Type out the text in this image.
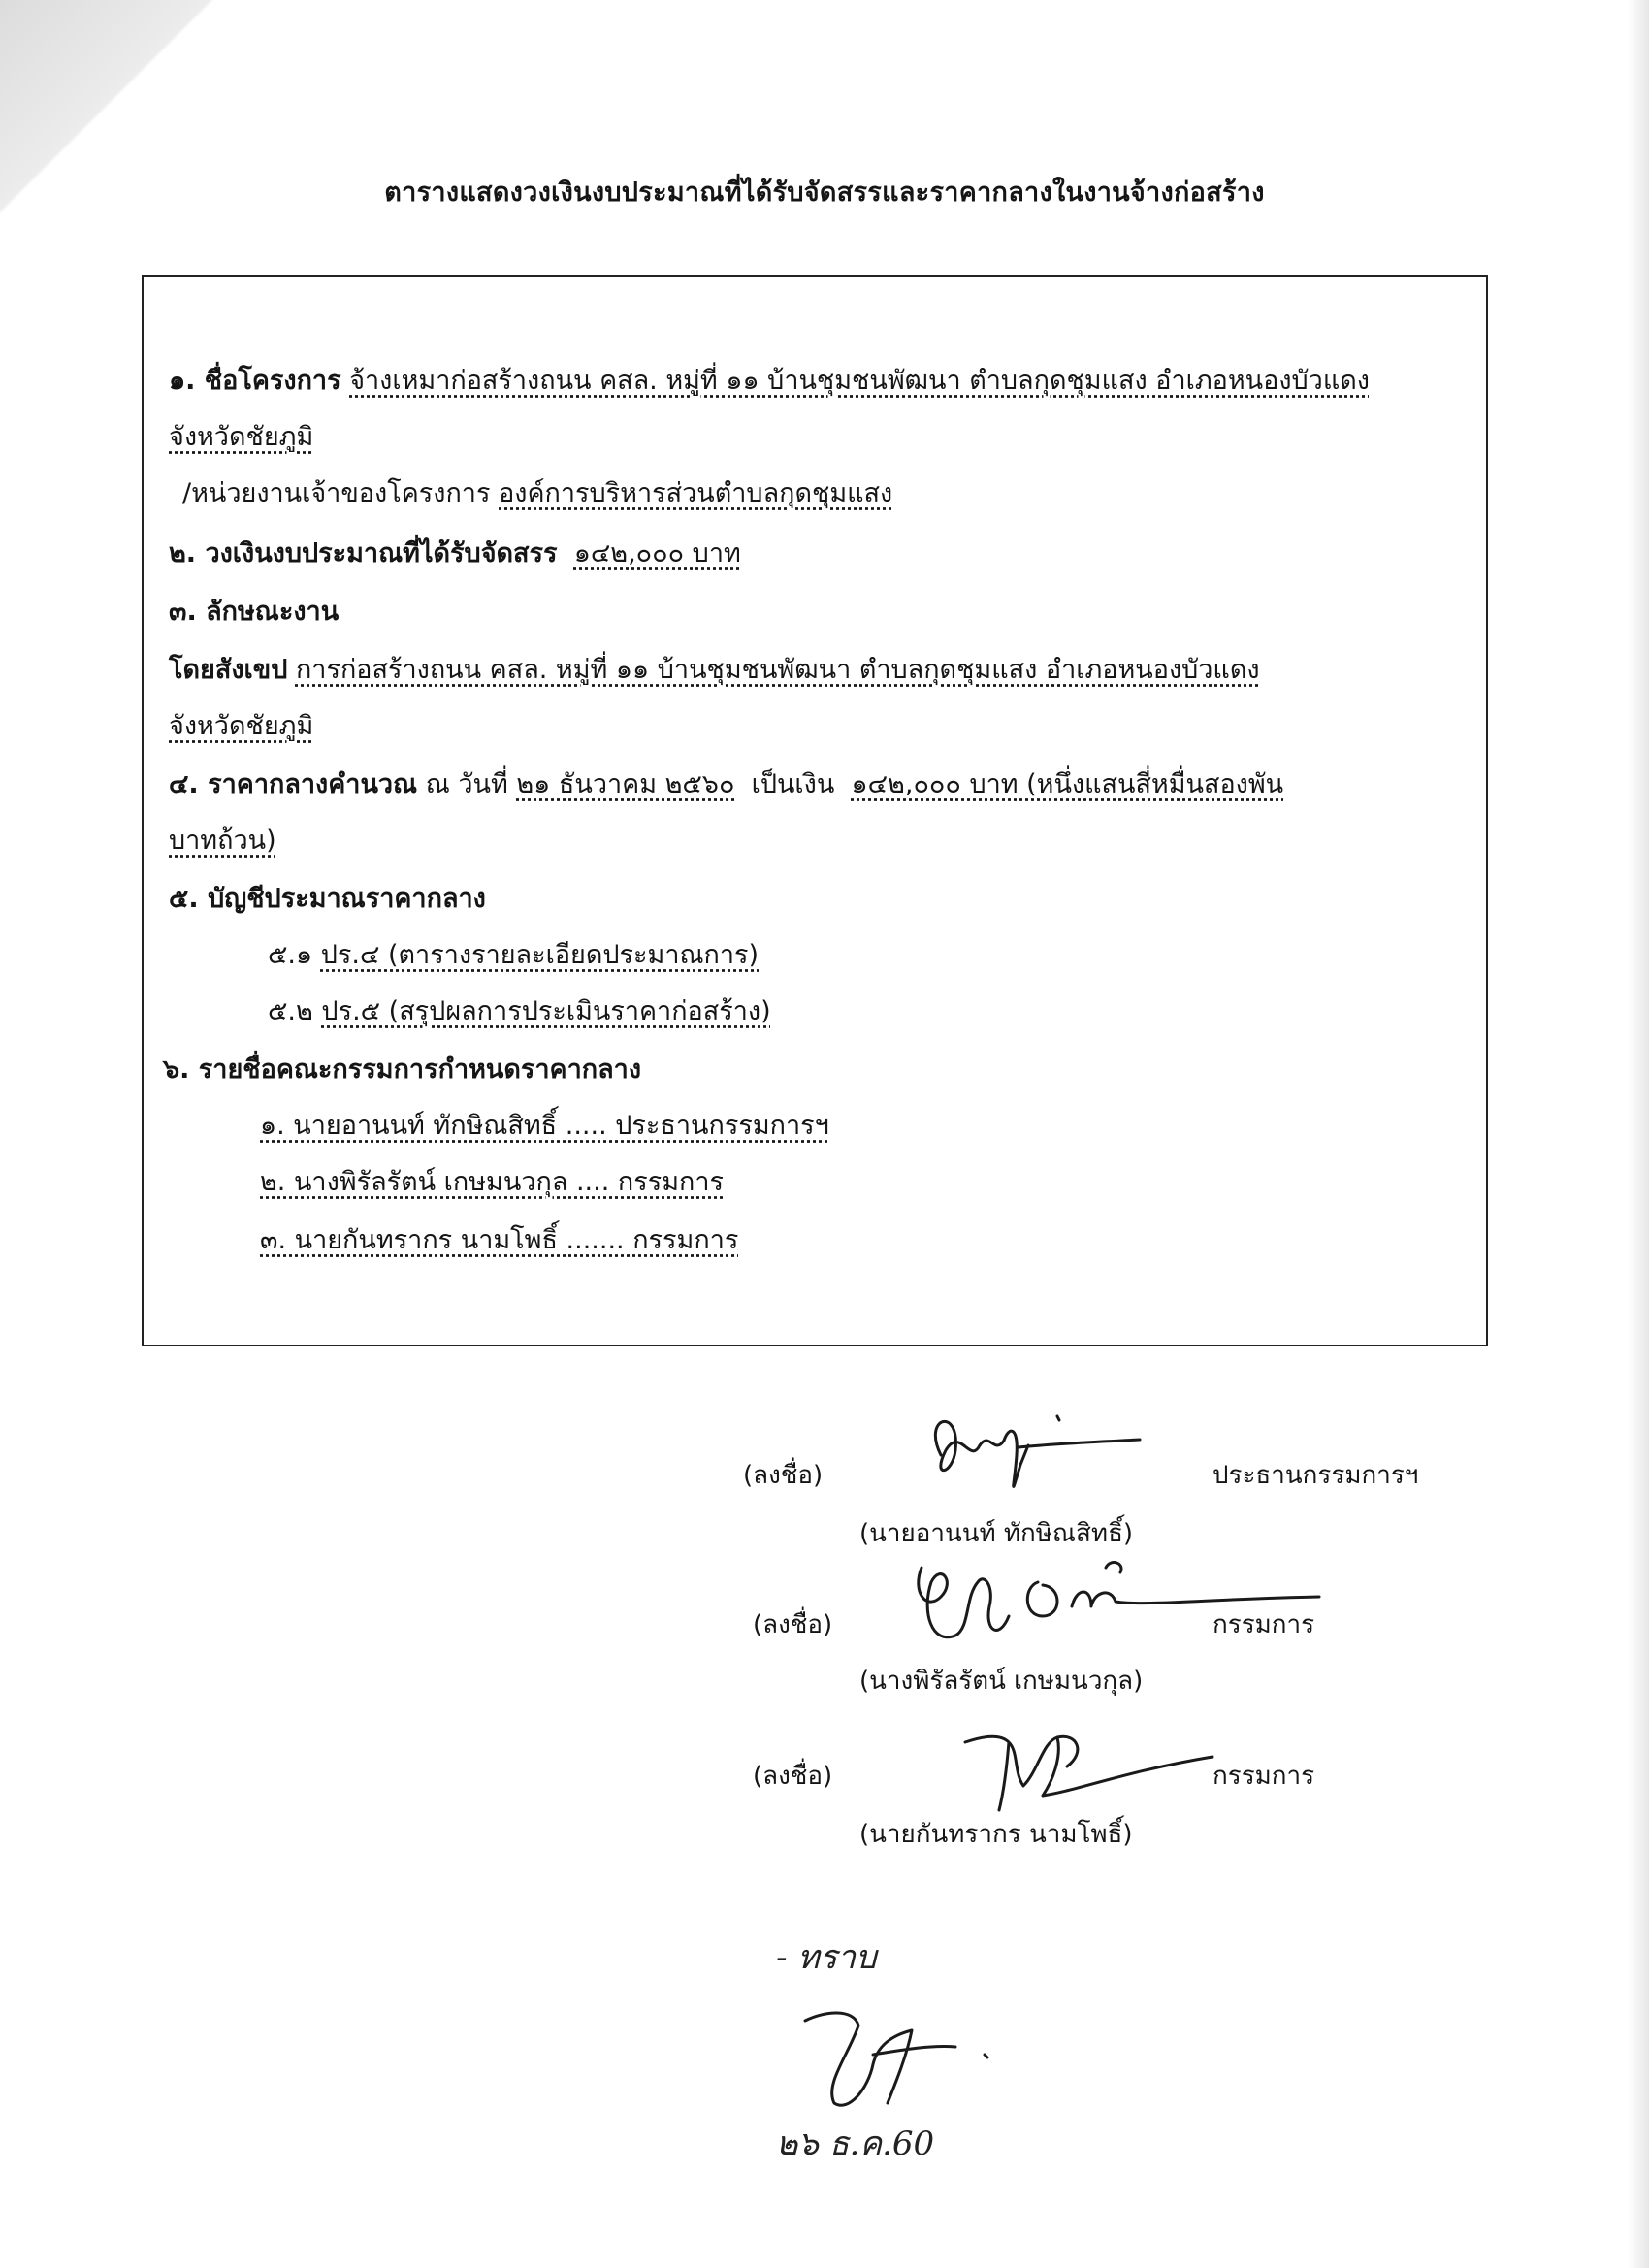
ตารางแสดงวงเงินงบประมาณที่ได้รับจัดสรรและราคากลางในงานจ้างก่อสร้าง
๑. ชื่อโครงการ จ้างเหมาก่อสร้างถนน คสล. หมู่ที่ ๑๑ บ้านชุมชนพัฒนา ตำบลกุดชุมแสง อำเภอหนองบัวแดง
จังหวัดชัยภูมิ
/หน่วยงานเจ้าของโครงการ องค์การบริหารส่วนตำบลกุดชุมแสง
๒. วงเงินงบประมาณที่ได้รับจัดสรร ๑๔๒,๐๐๐ บาท
๓. ลักษณะงาน
โดยสังเขป การก่อสร้างถนน คสล. หมู่ที่ ๑๑ บ้านชุมชนพัฒนา ตำบลกุดชุมแสง อำเภอหนองบัวแดง
จังหวัดชัยภูมิ
๔. ราคากลางคำนวณ ณ วันที่ ๒๑ ธันวาคม ๒๕๖๐ เป็นเงิน ๑๔๒,๐๐๐ บาท (หนึ่งแสนสี่หมื่นสองพัน
บาทถ้วน)
๕. บัญชีประมาณราคากลาง
๕.๑ ปร.๔ (ตารางรายละเอียดประมาณการ)
๕.๒ ปร.๕ (สรุปผลการประเมินราคาก่อสร้าง)
๖. รายชื่อคณะกรรมการกำหนดราคากลาง
๑. นายอานนท์ ทักษิณสิทธิ์ ..... ประธานกรรมการฯ
๒. นางพิรัลรัตน์ เกษมนวกุล .... กรรมการ
๓. นายกันทรากร นามโพธิ์ ....... กรรมการ
(ลงชื่อ)	ประธานกรรมการฯ
(นายอานนท์ ทักษิณสิทธิ์)
(ลงชื่อ)	กรรมการ
(นางพิรัลรัตน์ เกษมนวกุล)
(ลงชื่อ)	กรรมการ
(นายกันทรากร นามโพธิ์)
- ทราบ
๒๖ ธ.ค.60
